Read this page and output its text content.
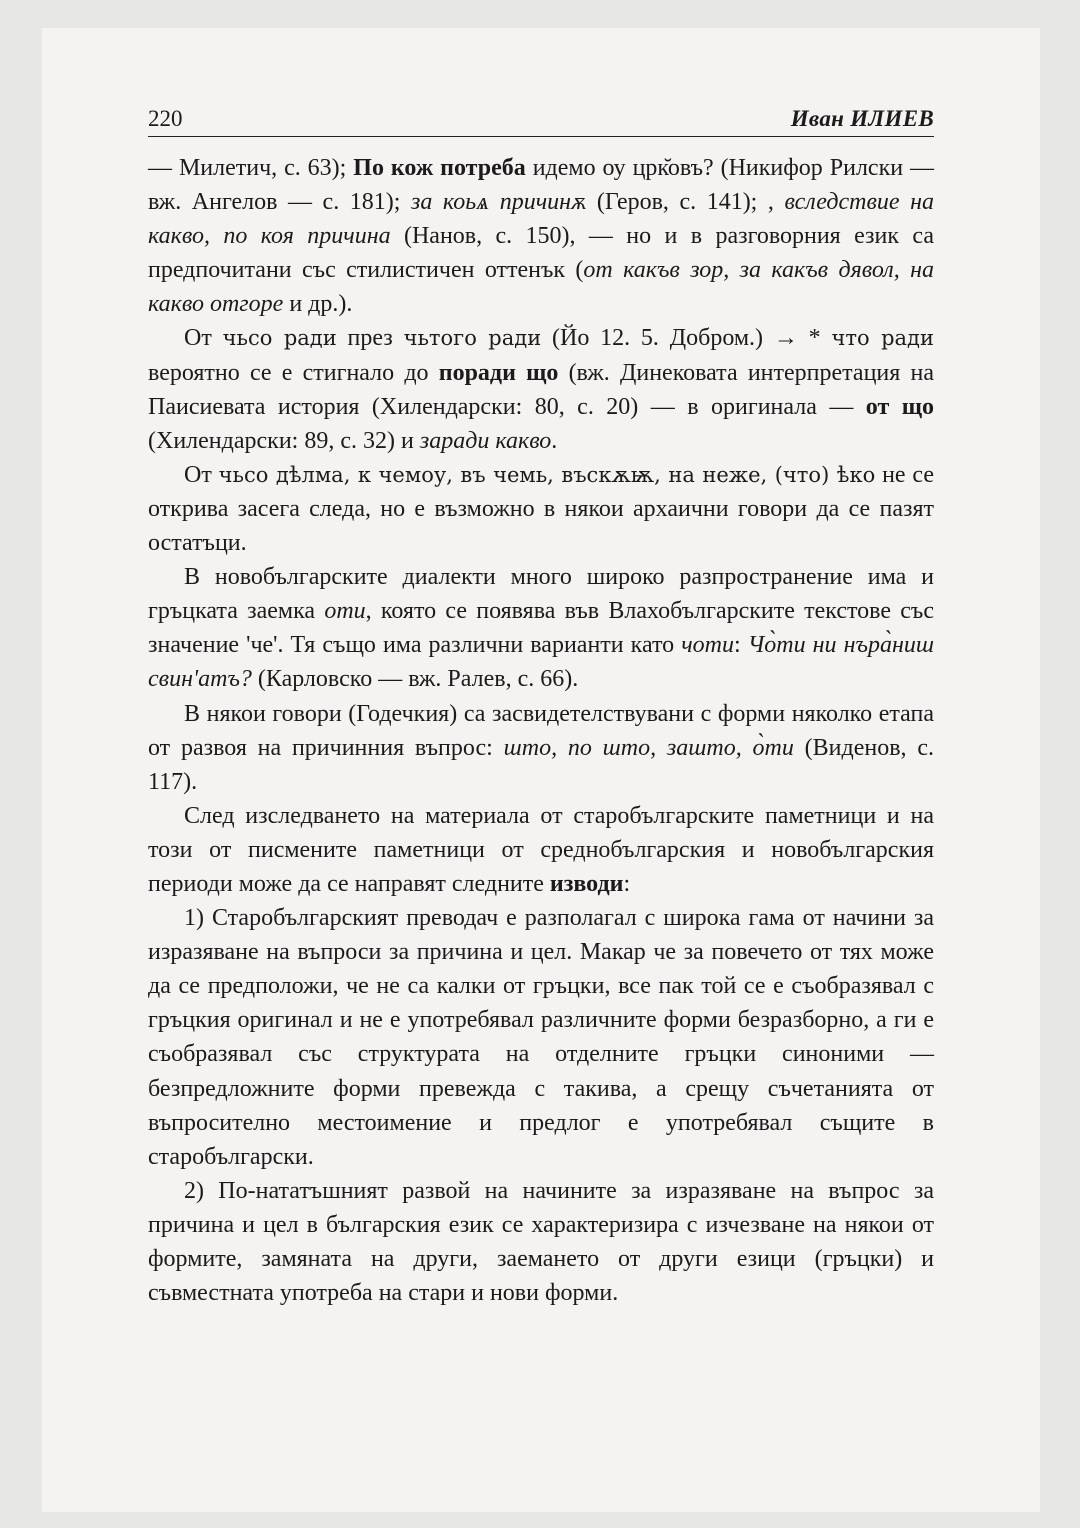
220	Иван ИЛИЕВ

— Милетич, с. 63); По кож потреба идемо оу црк̆овъ? (Никифор Рилски — вж. Ангелов — с. 181); за коьѧ причинѫ (Геров, с. 141); , вследствие на какво, по коя причина (Нанов, с. 150), — но и в разговорния език са предпочитани със стилистичен оттенък (от какъв зор, за какъв дявол, на какво отгоре и др.).

От чьсо ради през чьтого ради (Йо 12. 5. Добром.) → * что ради вероятно се е стигнало до поради що (вж. Динековата интерпретация на Паисиевата история (Хилендарски: 80, с. 20) — в оригинала — от що (Хилендарски: 89, с. 32) и заради какво.

От чьсо дѣлма, к чемоу, въ чемь, въскѫѭ, на неже, (что) ѣко не се открива засега следа, но е възможно в някои архаични говори да се пазят остатъци.

В новобългарските диалекти много широко разпространение има и гръцката заемка оти, която се появява във Влахобългарските текстове със значение 'че'. Тя също има различни варианти като чоти: Чо̀ти ни нъра̀ниш свин'атъ? (Карловско — вж. Ралев, с. 66).

В някои говори (Годечкия) са засвидетелствувани с форми няколко етапа от развоя на причинния въпрос: што, по што, зашто, о̀ти (Виденов, с. 117).

След изследването на материала от старобългарските паметници и на този от писмените паметници от среднобългарския и новобългарския периоди може да се направят следните изводи:

1) Старобългарският преводач е разполагал с широка гама от начини за изразяване на въпроси за причина и цел. Макар че за повечето от тях може да се предположи, че не са калки от гръцки, все пак той се е съобразявал с гръцкия оригинал и не е употребявал различните форми безразборно, а ги е съобразявал със структурата на отделните гръцки синоними — безпредложните форми превежда с такива, а срещу съчетанията от въпросително местоимение и предлог е употребявал същите в старобългарски.

2) По-нататъшният развой на начините за изразяване на въпрос за причина и цел в българския език се характеризира с изчезване на някои от формите, замяната на други, заемането от други езици (гръцки) и съвместната употреба на стари и нови форми.
